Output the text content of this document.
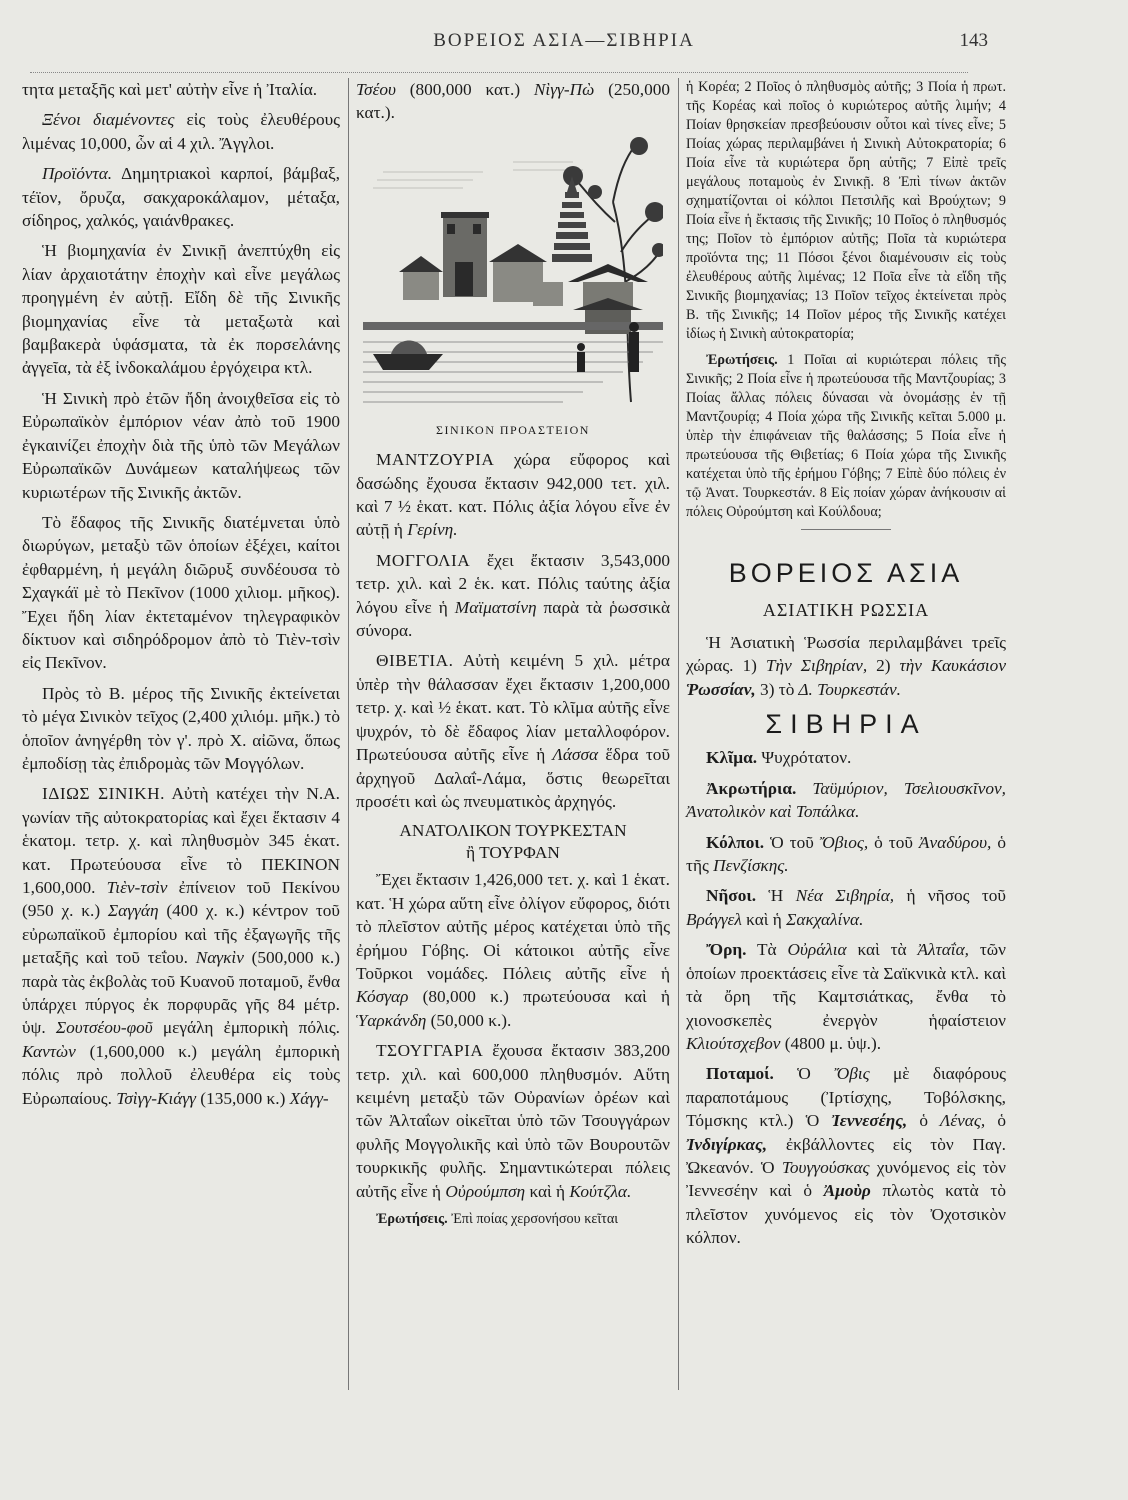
ΒΟΡΕΙΟΣ ΑΣΙΑ—ΣΙΒΗΡΙΑ	143

τητα μεταξῆς καὶ μετ' αὐτὴν εἶνε ἡ Ἰταλία.

Ξένοι διαμένοντες εἰς τοὺς ἐλευθέρους λιμένας 10,000, ὧν αἱ 4 χιλ. Ἄγγλοι.

Προϊόντα. Δημητριακοὶ καρποί, βάμβαξ, τέϊον, ὄρυζα, σακχαροκάλαμον, μέταξα, σίδηρος, χαλκός, γαιάνθρακες.

Ἡ βιομηχανία ἐν Σινικῇ ἀνεπτύχθη εἰς λίαν ἀρχαιοτάτην ἐποχὴν καὶ εἶνε μεγάλως προηγμένη ἐν αὐτῇ. Εἴδη δὲ τῆς Σινικῆς βιομηχανίας εἶνε τὰ μεταξωτὰ καὶ βαμβακερὰ ὑφάσματα, τὰ ἐκ πορσελάνης ἀγγεῖα, τὰ ἐξ ἰνδοκαλάμου ἐργόχειρα κτλ.

Ἡ Σινικὴ πρὸ ἐτῶν ἤδη ἀνοιχθεῖσα εἰς τὸ Εὐρωπαϊκὸν ἐμπόριον νέαν ἀπὸ τοῦ 1900 ἐγκαινίζει ἐποχὴν διὰ τῆς ὑπὸ τῶν Μεγάλων Εὐρωπαϊκῶν Δυνάμεων καταλήψεως τῶν κυριωτέρων τῆς Σινικῆς ἀκτῶν.

Τὸ ἔδαφος τῆς Σινικῆς διατέμνεται ὑπὸ διωρύγων, μεταξὺ τῶν ὁποίων ἐξέχει, καίτοι ἐφθαρμένη, ἡ μεγάλη διῶρυξ συνδέουσα τὸ Σχαγκάϊ μὲ τὸ Πεκῖνον (1000 χιλιομ. μῆκος). Ἔχει ἤδη λίαν ἐκτεταμένον τηλεγραφικὸν δίκτυον καὶ σιδηρόδρομον ἀπὸ τὸ Τιὲν-τσὶν εἰς Πεκῖνον.

Πρὸς τὸ Β. μέρος τῆς Σινικῆς ἐκτείνεται τὸ μέγα Σινικὸν τεῖχος (2,400 χιλιόμ. μῆκ.) τὸ ὁποῖον ἀνηγέρθη τὸν γ'. πρὸ Χ. αἰῶνα, ὅπως ἐμποδίσῃ τὰς ἐπιδρομὰς τῶν Μογγόλων.

ΙΔΙΩΣ ΣΙΝΙΚΗ. Αὐτὴ κατέχει τὴν Ν.Α. γωνίαν τῆς αὐτοκρατορίας καὶ ἔχει ἔκτασιν 4 ἑκατομ. τετρ. χ. καὶ πληθυσμὸν 345 ἑκατ. κατ. Πρωτεύουσα εἶνε τὸ ΠΕΚΙΝΟΝ 1,600,000. Τιὲν-τσὶν ἐπίνειον τοῦ Πεκίνου (950 χ. κ.) Σαγγάη (400 χ. κ.) κέντρον τοῦ εὐρωπαϊκοῦ ἐμπορίου καὶ τῆς ἐξαγωγῆς τῆς μεταξῆς καὶ τοῦ τεΐου. Ναγκὶν (500,000 κ.) παρὰ τὰς ἐκβολὰς τοῦ Κυανοῦ ποταμοῦ, ἔνθα ὑπάρχει πύργος ἐκ πορφυρᾶς γῆς 84 μέτρ. ὑψ. Σουτσέου-φοῦ μεγάλη ἐμπορικὴ πόλις. Καντὼν (1,600,000 κ.) μεγάλη ἐμπορικὴ πόλις πρὸ πολλοῦ ἐλευθέρα εἰς τοὺς Εὐρωπαίους. Τσὶγγ-Κιάγγ (135,000 κ.) Χάγγ-

Τσέου (800,000 κατ.) Νὶγγ-Πὼ (250,000 κατ.).

ΣΙΝΙΚΟΝ ΠΡΟΑΣΤΕΙΟΝ

ΜΑΝΤΖΟΥΡΙΑ χώρα εὔφορος καὶ δασώδης ἔχουσα ἔκτασιν 942,000 τετ. χιλ. καὶ 7 ½ ἑκατ. κατ. Πόλις ἀξία λόγου εἶνε ἐν αὐτῇ ἡ Γερίνη.

ΜΟΓΓΟΛΙΑ ἔχει ἔκτασιν 3,543,000 τετρ. χιλ. καὶ 2 ἑκ. κατ. Πόλις ταύτης ἀξία λόγου εἶνε ἡ Μαϊματσίνη παρὰ τὰ ῥωσσικὰ σύνορα.

ΘΙΒΕΤΙΑ. Αὐτὴ κειμένη 5 χιλ. μέτρα ὑπὲρ τὴν θάλασσαν ἔχει ἔκτασιν 1,200,000 τετρ. χ. καὶ ½ ἑκατ. κατ. Τὸ κλῖμα αὐτῆς εἶνε ψυχρόν, τὸ δὲ ἔδαφος λίαν μεταλλοφόρον. Πρωτεύουσα αὐτῆς εἶνε ἡ Λάσσα ἕδρα τοῦ ἀρχηγοῦ Δαλαΐ-Λάμα, ὅστις θεωρεῖται προσέτι καὶ ὡς πνευματικὸς ἀρχηγός.

ΑΝΑΤΟΛΙΚΟΝ ΤΟΥΡΚΕΣΤΑΝ
ἢ ΤΟΥΡΦΑΝ

Ἔχει ἔκτασιν 1,426,000 τετ. χ. καὶ 1 ἑκατ. κατ. Ἡ χώρα αὕτη εἶνε ὀλίγον εὔφορος, διότι τὸ πλεῖστον αὐτῆς μέρος κατέχεται ὑπὸ τῆς ἐρήμου Γόβης. Οἱ κάτοικοι αὐτῆς εἶνε Τοῦρκοι νομάδες. Πόλεις αὐτῆς εἶνε ἡ Κόσγαρ (80,000 κ.) πρωτεύουσα καὶ ἡ Ὑαρκάνδη (50,000 κ.).

ΤΣΟΥΓΓΑΡΙΑ ἔχουσα ἔκτασιν 383,200 τετρ. χιλ. καὶ 600,000 πληθυσμόν. Αὕτη κειμένη μεταξὺ τῶν Οὐρανίων ὀρέων καὶ τῶν Ἀλταΐων οἰκεῖται ὑπὸ τῶν Τσουγγάρων φυλῆς Μογγολικῆς καὶ ὑπὸ τῶν Βουρουτῶν τουρκικῆς φυλῆς. Σημαντικώτεραι πόλεις αὐτῆς εἶνε ἡ Οὐρούμπση καὶ ἡ Κούτζλα.

Ἐρωτήσεις. Ἐπὶ ποίας χερσονήσου κεῖται

ἡ Κορέα; 2 Ποῖος ὁ πληθυσμὸς αὐτῆς; 3 Ποία ἡ πρωτ. τῆς Κορέας καὶ ποῖος ὁ κυριώτερος αὐτῆς λιμήν; 4 Ποίαν θρησκείαν πρεσβεύουσιν οὗτοι καὶ τίνες εἶνε; 5 Ποίας χώρας περιλαμβάνει ἡ Σινικὴ Αὐτοκρατορία; 6 Ποία εἶνε τὰ κυριώτερα ὄρη αὐτῆς; 7 Εἰπὲ τρεῖς μεγάλους ποταμοὺς ἐν Σινικῇ. 8 Ἐπὶ τίνων ἀκτῶν σχηματίζονται οἱ κόλποι Πετσιλῆς καὶ Βρούχτων; 9 Ποία εἶνε ἡ ἔκτασις τῆς Σινικῆς; 10 Ποῖος ὁ πληθυσμός της; Ποῖον τὸ ἐμπόριον αὐτῆς; Ποῖα τὰ κυριώτερα προϊόντα της; 11 Πόσοι ξένοι διαμένουσιν εἰς τοὺς ἐλευθέρους αὐτῆς λιμένας; 12 Ποῖα εἶνε τὰ εἴδη τῆς Σινικῆς βιομηχανίας; 13 Ποῖον τεῖχος ἐκτείνεται πρὸς Β. τῆς Σινικῆς; 14 Ποῖον μέρος τῆς Σινικῆς κατέχει ἰδίως ἡ Σινικὴ αὐτοκρατορία;

Ἐρωτήσεις. 1 Ποῖαι αἱ κυριώτεραι πόλεις τῆς Σινικῆς; 2 Ποία εἶνε ἡ πρωτεύουσα τῆς Μαντζουρίας; 3 Ποίας ἄλλας πόλεις δύνασαι νὰ ὀνομάσῃς ἐν τῇ Μαντζουρίᾳ; 4 Ποία χώρα τῆς Σινικῆς κεῖται 5.000 μ. ὑπὲρ τὴν ἐπιφάνειαν τῆς θαλάσσης; 5 Ποία εἶνε ἡ πρωτεύουσα τῆς Θιβετίας; 6 Ποία χώρα τῆς Σινικῆς κατέχεται ὑπὸ τῆς ἐρήμου Γόβης; 7 Εἰπὲ δύο πόλεις ἐν τῷ Ἀνατ. Τουρκεστάν. 8 Εἰς ποίαν χώραν ἀνήκουσιν αἱ πόλεις Οὐρούμτση καὶ Κούλδουα;

ΒΟΡΕΙΟΣ ΑΣΙΑ
ΑΣΙΑΤΙΚΗ ΡΩΣΣΙΑ

Ἡ Ἀσιατικὴ Ῥωσσία περιλαμβάνει τρεῖς χώρας. 1) Τὴν Σιβηρίαν, 2) τὴν Καυκάσιον Ῥωσσίαν, 3) τὸ Δ. Τουρκεστάν.

ΣΙΒΗΡΙΑ

Κλῖμα. Ψυχρότατον.

Ἀκρωτήρια. Ταϋμύριον, Τσελιουσκῖνον, Ἀνατολικὸν καὶ Τοπάλκα.

Κόλποι. Ὁ τοῦ Ὄβιος, ὁ τοῦ Ἀναδύρου, ὁ τῆς Πενζίσκης.

Νῆσοι. Ἡ Νέα Σιβηρία, ἡ νῆσος τοῦ Βράγγελ καὶ ἡ Σακχαλίνα.

Ὄρη. Τὰ Οὐράλια καὶ τὰ Ἀλταΐα, τῶν ὁποίων προεκτάσεις εἶνε τὰ Σαϊκνικὰ κτλ. καὶ τὰ ὄρη τῆς Καμτσιάτκας, ἔνθα τὸ χιονοσκεπὲς ἐνεργὸν ἡφαίστειον Κλιούτσχεβον (4800 μ. ὑψ.).

Ποταμοί. Ὁ Ὄβις μὲ διαφόρους παραποτάμους (Ἰρτίσχης, Τοβόλσκης, Τόμσκης κτλ.) Ὁ Ἰεννεσέης, ὁ Λένας, ὁ Ἰνδιγίρκας, ἐκβάλλοντες εἰς τὸν Παγ. Ὠκεανόν. Ὁ Τουγγούσκας χυνόμενος εἰς τὸν Ἰεννεσέην καὶ ὁ Ἀμοὺρ πλωτὸς κατὰ τὸ πλεῖστον χυνόμενος εἰς τὸν Ὀχοτσικὸν κόλπον.
